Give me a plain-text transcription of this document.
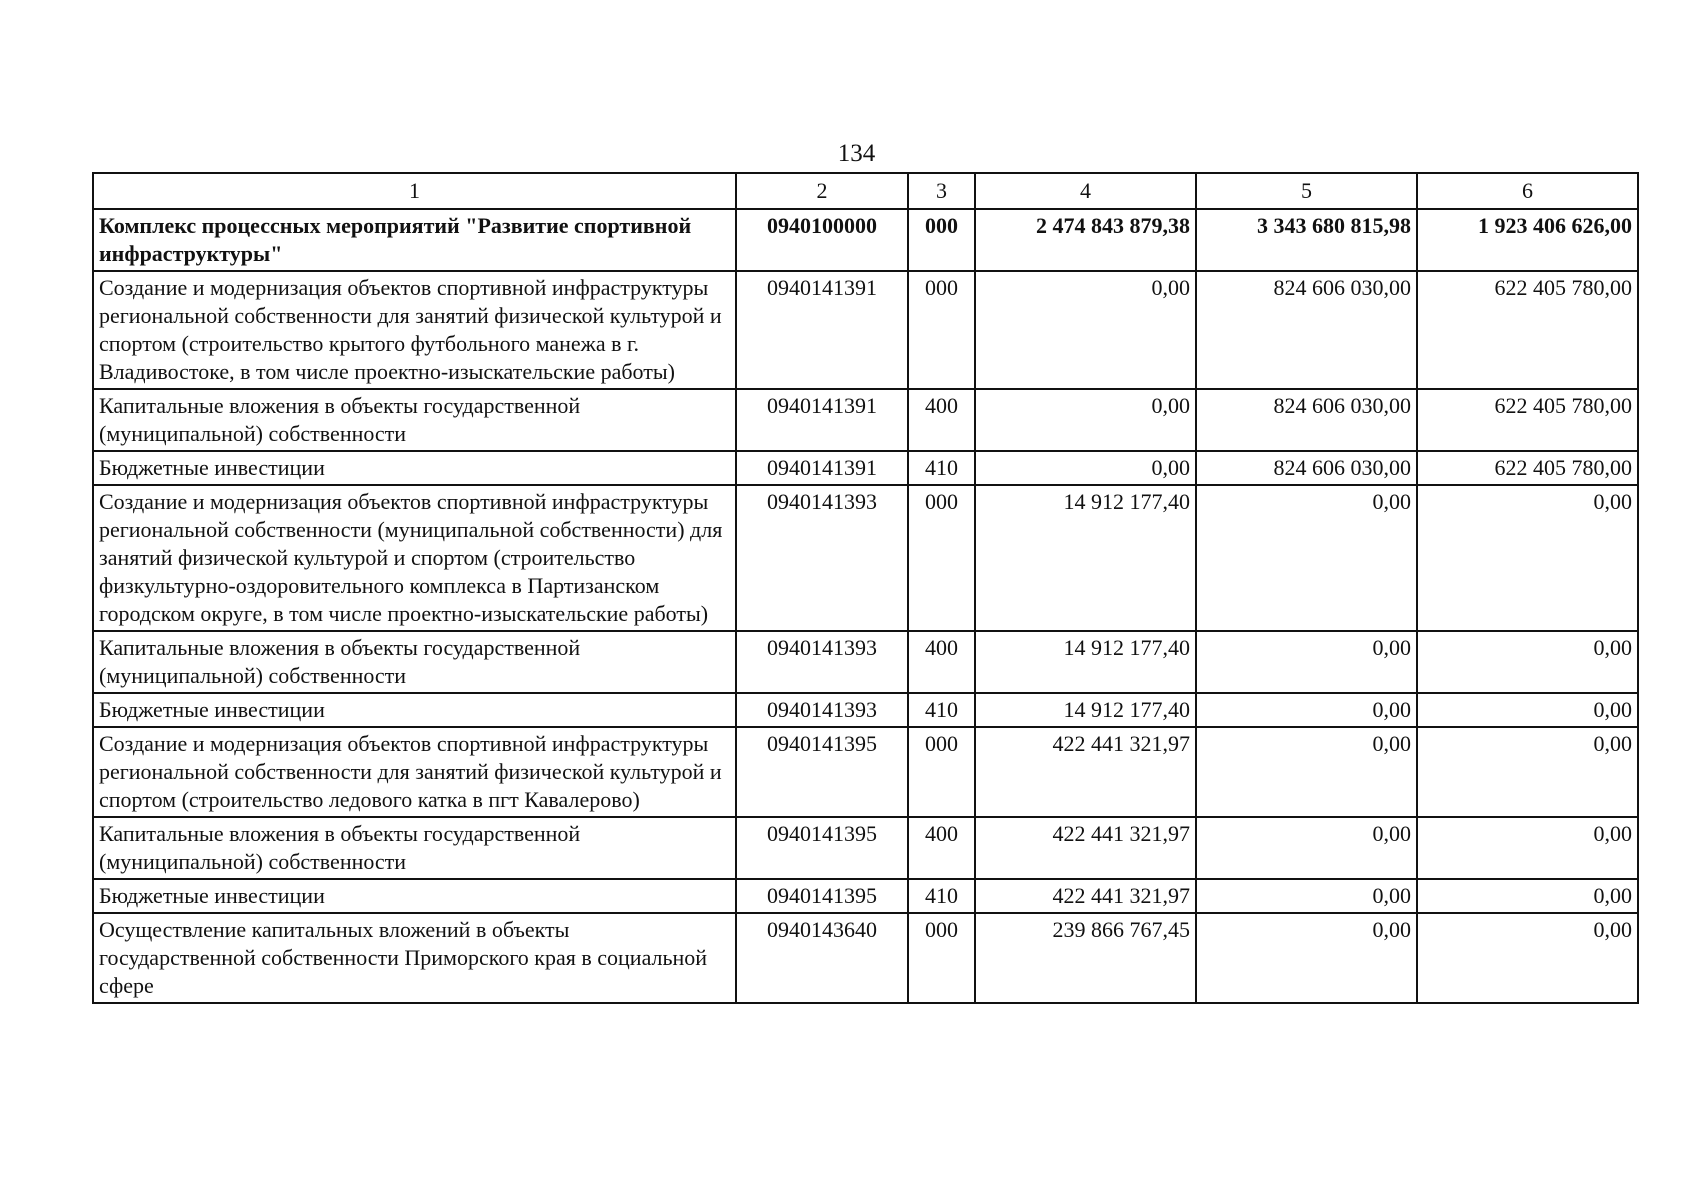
134
1	2	3	4	5	6
Комплекс процессных мероприятий "Развитие спортивной инфраструктуры"	0940100000	000	2 474 843 879,38	3 343 680 815,98	1 923 406 626,00
Создание и модернизация объектов спортивной инфраструктуры региональной собственности для занятий физической культурой и спортом (строительство крытого футбольного манежа в г. Владивостоке, в том числе проектно-изыскательские работы)	0940141391	000	0,00	824 606 030,00	622 405 780,00
Капитальные вложения в объекты государственной (муниципальной) собственности	0940141391	400	0,00	824 606 030,00	622 405 780,00
Бюджетные инвестиции	0940141391	410	0,00	824 606 030,00	622 405 780,00
Создание и модернизация объектов спортивной инфраструктуры региональной собственности (муниципальной собственности) для занятий физической культурой и спортом (строительство физкультурно-оздоровительного комплекса в Партизанском городском округе, в том числе проектно-изыскательские работы)	0940141393	000	14 912 177,40	0,00	0,00
Капитальные вложения в объекты государственной (муниципальной) собственности	0940141393	400	14 912 177,40	0,00	0,00
Бюджетные инвестиции	0940141393	410	14 912 177,40	0,00	0,00
Создание и модернизация объектов спортивной инфраструктуры региональной собственности для занятий физической культурой и спортом (строительство ледового катка в пгт Кавалерово)	0940141395	000	422 441 321,97	0,00	0,00
Капитальные вложения в объекты государственной (муниципальной) собственности	0940141395	400	422 441 321,97	0,00	0,00
Бюджетные инвестиции	0940141395	410	422 441 321,97	0,00	0,00
Осуществление капитальных вложений в объекты государственной собственности Приморского края в социальной сфере	0940143640	000	239 866 767,45	0,00	0,00
